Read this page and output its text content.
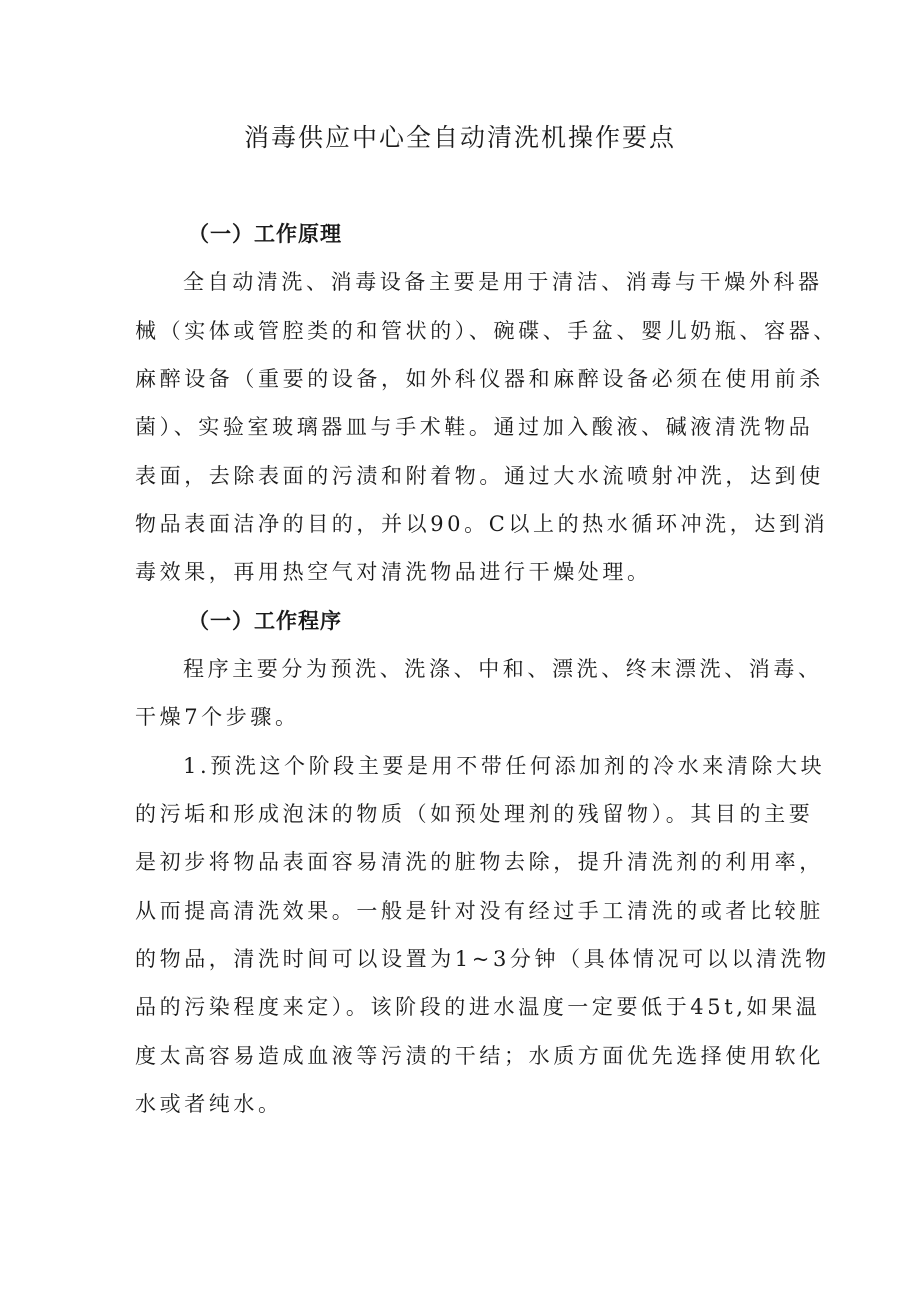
消毒供应中心全自动清洗机操作要点
（一）工作原理

全自动清洗、消毒设备主要是用于清洁、消毒与干燥外科器

械（实体或管腔类的和管状的）、碗碟、手盆、婴儿奶瓶、容器、

麻醉设备（重要的设备，如外科仪器和麻醉设备必须在使用前杀

菌）、实验室玻璃器皿与手术鞋。通过加入酸液、碱液清洗物品

表面，去除表面的污渍和附着物。通过大水流喷射冲洗，达到使

物品表面洁净的目的，并以90。C以上的热水循环冲洗，达到消

毒效果，再用热空气对清洗物品进行干燥处理。

（一）工作程序

程序主要分为预洗、洗涤、中和、漂洗、终末漂洗、消毒、

干燥7个步骤。

1.预洗这个阶段主要是用不带任何添加剂的冷水来清除大块

的污垢和形成泡沫的物质（如预处理剂的残留物）。其目的主要

是初步将物品表面容易清洗的脏物去除，提升清洗剂的利用率，

从而提高清洗效果。一般是针对没有经过手工清洗的或者比较脏

的物品，清洗时间可以设置为1~3分钟（具体情况可以以清洗物

品的污染程度来定）。该阶段的进水温度一定要低于45t,如果温

度太高容易造成血液等污渍的干结；水质方面优先选择使用软化

水或者纯水。
